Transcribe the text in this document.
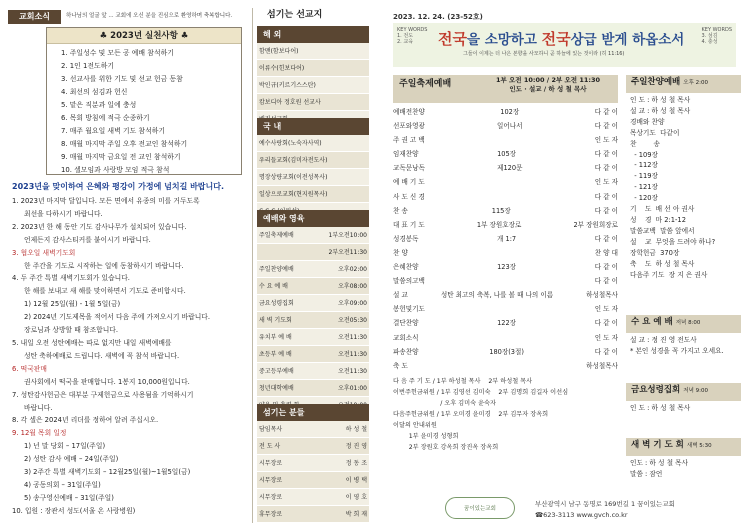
교회소식	하나님의 얼굴 앞 ... 교회에 오신 분을 진심으로 환영하며 축복합니다.
♣ 2023년 실천사항 ♣
1. 주일성수 및 모든 공 예배 참석하기
2. 1인 1전도하기
3. 선교사를 위한 기도 및 선교 헌금 동참
4. 최선의 섬김과 헌신
5. 맡은 직분과 일에 충성
6. 목회 방침에 적극 순종하기
7. 매주 월요일 새벽 기도 참석하기
8. 매월 마지막 주일 오후 전교인 참석하기
9. 매월 마지막 금요일 전 교인 참석하기
10. 셀모임과 사랑방 모임 적극 참석
2023년을 맞이하여 은혜와 평강이 가정에 넘치길 바랍니다.
1. 2023년 마지막 달입니다. 모든 면에서 유종의 미를 거두도록
최선을 다하시기 바랍니다.
2. 2023년 한 해 동안 기도 감사나무가 설치되어 있습니다.
언제든지 감사스티커를 붙이시기 바랍니다.
3. 협오일 새벽기도회
한 주간을 기도로 시작하는 일에 동참하시기 바랍니다.
4. 두 주간 특별 새벽기도회가 있습니다.
한 해를 보내고 새 해를 맞이하면서 기도로 준비합시다.
1) 12월 25일(월) - 1월 5일(금)
2) 2024년 기도제목을 적어서 다음 주에 가져오시기 바랍니다.
장로님과 상방할 때 참조합니다.
5. 내일 오전 성탄예배는 따로 없지만 내일 새벽예배를
성탄 축하예배로 드립니다. 새벽에 꼭 참석 바랍니다.
6. 떡국판매
권사회에서 떡국을 판매합니다. 1봉지 10,000원입니다.
7. 성탄감사헌금은 대부분 구제헌금으로 사용됨을 기억하시기
바랍니다.
8. 각 셀은 2024년 리더를 정하여 알려 주십시오.
9. 12월 목회 일정
1) 넌 말 당회 – 17일(주일)
2) 성탄 감사 예배 – 24일(주일)
3) 2주간 특별 새벽기도회 – 12월25일(월)~1월5일(금)
4) 공동의회 – 31일(주일)
5) 송구영신예배 – 31일(주일)
10. 입원 : 장관서 성도(서울 온 사랑병원)
섬기는 선교지
해 외
함맨(함보다어)
이류수(힌보다어)
박인규(키르기스스탄)
캄보디아 정호원 선교사
국 내
예수사랑회(노숙자사역)
우리들교회(김미자전도사)
명장상량교회(이전성목사)
일상으로교회(현지원목사)
예배와 영육
주일축제예배	1부오전10:00
2부오전11:30
주일찬양예배	오후02:00
수 요 예 배	오후08:00
금요성령집회	오후09:00
새 벽 기도회	오전05:30
유치부 예 배	오전11:30
초등부 예 배	오전11:30
중고등부예배	오전11:30
청년대학예배	오후01:00
섬기는 분들
담임목사	하 성 철
전 도 사	정 진 영
시무장로	정 동 조
시무장로	이 병 택
시무장로	이 영 호
휴무장로	박 희 재
2023. 12. 24. (23-52호)
KEY WORDS
1. 전도
2. 교육
KEY WORDS
3. 섬김
4. 충성
전국을 소망하고 전국상급 받게 하옵소서
그들이 이제는 더 나은 본향을 사모하니 곧 하늘에 있는 것이라 (히 11:16)
주일축제예배	1부 오전 10:00 / 2부 오전 11:30
인도 · 설교 / 하 성 철 목사
예배전찬양	102장	다 같 이
선포와영광	일어나서	다 같 이
주 권 고 백	인 도 자
임재찬양	105장	다 같 이
교독문낭독	제120문	다 같 이
예 배 기 도	인 도 자
사 도 신 경	다 같 이
찬 송	115장	다 같 이
대 표 기 도	1부 장원호장로	2부 장원희장로
성경봉독	개 1:7	다 같 이
찬 양	찬 양 대
은혜찬양	123장	다 같 이
말씀의고백	다 같 이
설 교	성탄 최고의 축복, 나를 볼 때 나의 이름	하성철목사
봉헌및기도	인 도 자
결단찬양	122장	다 같 이
교회소식	인 도 자
파송찬양	180장(3절)	다 같 이
축 도	하성철목사
다 음 주 기 도 / 1부 하성철 목사    2부 하성철 목사
이번주헌금위원 / 1부 김영선 김미숙    2부 김명희 김길자 이선심
/ 오후 김미숙 윤숙자
다음주헌금위원 / 1부 오미경 윤미경    2부 김무자 장옥희
이달의 안내위원
1부 윤미경 성형희
2부 장원호 강옥희 장진옥 장옥희
주일찬양예배 오후 2:00
인 도 : 하 성 철 목사
설 교 : 하 성 철 목사
경배와 찬양
목상기도  다같이
찬        송
- 109장
- 112장
- 119장
- 121장
- 120장
기    도  배 선 아 권사
성    경  마 2:1-12
말씀교백  말씀 앞에서
설    교  무엇을 드려야 하나?
장학헌금  370장
축    도  하 성 철 목사
다음주 기도  장 지 은 권사
수 요 예 배 저녁 8:00
설 교 : 정 진 영 전도사
* 본인 성경을 꼭 가지고 오세요.
금요성령집회 저녁 9:00
인 도 : 하 성 철 목사
새 벽 기 도 회 새벽 5:30
인도 : 하 성 철 목사
말씀 : 잠언
꿈이있는교회
부산광역시 남구 동명로 169번길 1 꿈이있는교회
☎623-3113 www.gvch.co.kr
